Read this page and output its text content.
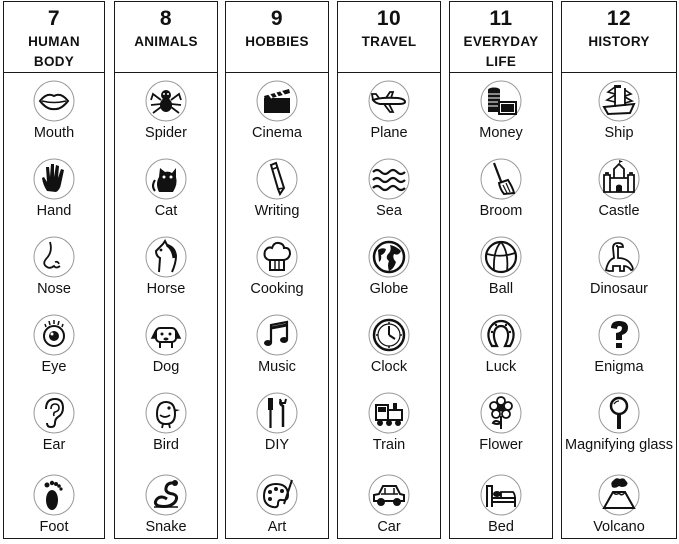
7
HUMAN
BODY
Mouth
Hand
Nose
Eye
Ear
Foot
8
ANIMALS
Spider
Cat
Horse
Dog
Bird
Snake
9
HOBBIES
Cinema
Writing
Cooking
Music
DIY
Art
10
TRAVEL
Plane
Sea
Globe
Clock
Train
Car
11
EVERYDAY
LIFE
Money
Broom
Ball
Luck
Flower
Bed
12
HISTORY
Ship
Castle
Dinosaur
Enigma
Magnifying glass
Volcano
